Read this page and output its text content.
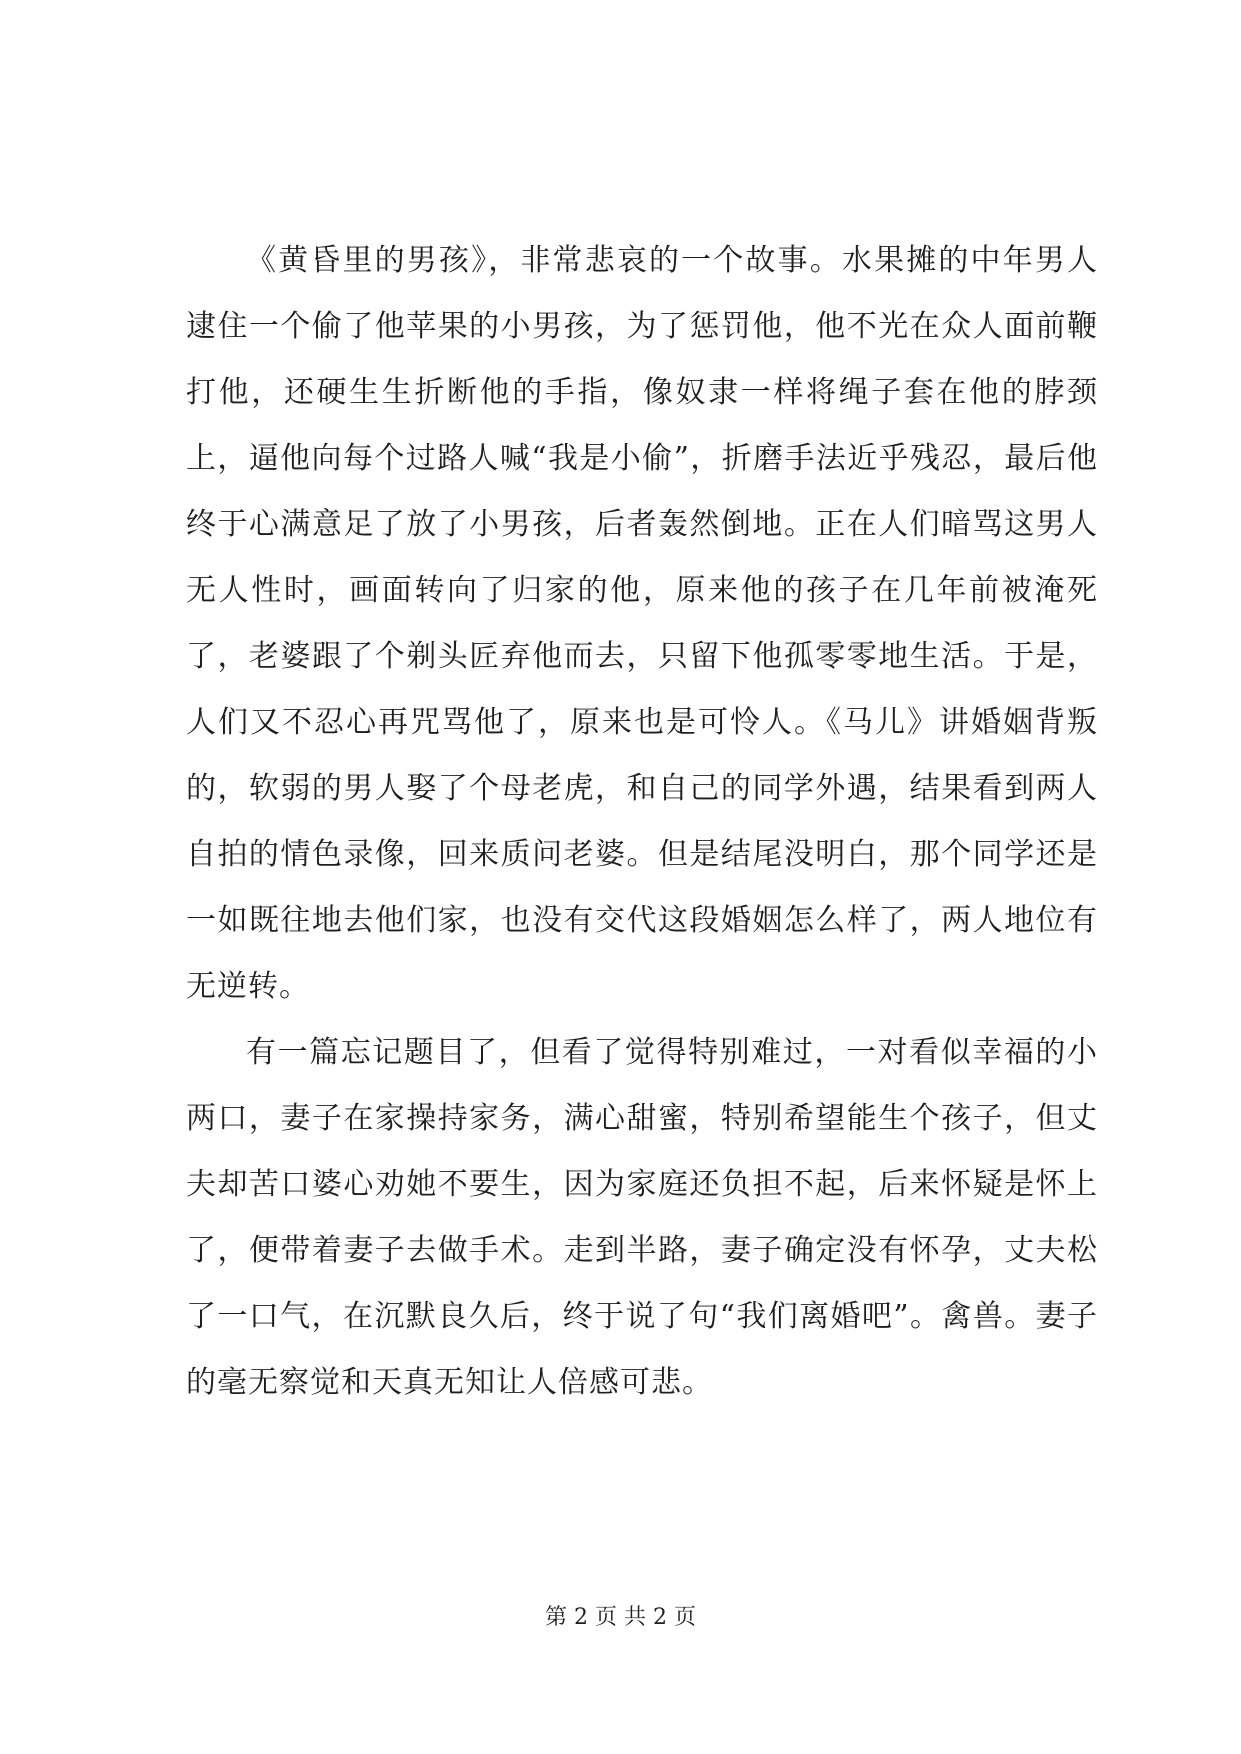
《黄昏里的男孩》，非常悲哀的一个故事。水果摊的中年男人逮住一个偷了他苹果的小男孩，为了惩罚他，他不光在众人面前鞭打他，还硬生生折断他的手指，像奴隶一样将绳子套在他的脖颈上，逼他向每个过路人喊“我是小偷”，折磨手法近乎残忍，最后他终于心满意足了放了小男孩，后者轰然倒地。正在人们暗骂这男人无人性时，画面转向了归家的他，原来他的孩子在几年前被淹死了，老婆跟了个剃头匠弃他而去，只留下他孤零零地生活。于是，人们又不忍心再咒骂他了，原来也是可怜人。《马儿》讲婚姻背叛的，软弱的男人娶了个母老虎，和自己的同学外遇，结果看到两人自拍的情色录像，回来质问老婆。但是结尾没明白，那个同学还是一如既往地去他们家，也没有交代这段婚姻怎么样了，两人地位有无逆转。

有一篇忘记题目了，但看了觉得特别难过，一对看似幸福的小两口，妻子在家操持家务，满心甜蜜，特别希望能生个孩子，但丈夫却苦口婆心劝她不要生，因为家庭还负担不起，后来怀疑是怀上了，便带着妻子去做手术。走到半路，妻子确定没有怀孕，丈夫松了一口气，在沉默良久后，终于说了句“我们离婚吧”。禽兽。妻子的毫无察觉和天真无知让人倍感可悲。

第 2 页 共 2 页
